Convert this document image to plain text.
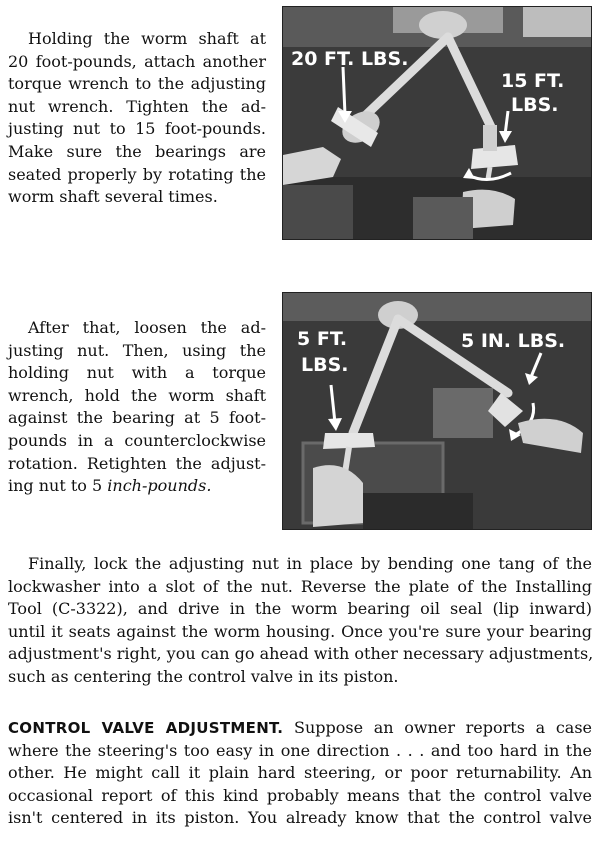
Holding the worm shaft at
20 foot-pounds, attach another
torque wrench to the adjusting
nut wrench. Tighten the ad-
justing nut to 15 foot-pounds.
Make sure the bearings are
seated properly by rotating the
worm shaft several times.
20 FT. LBS.
15 FT.
LBS.
After that, loosen the ad-
justing nut. Then, using the
holding nut with a torque
wrench, hold the worm shaft
against the bearing at 5 foot-
pounds in a counterclockwise
rotation. Retighten the adjust-
ing nut to 5 inch-pounds.
5 FT.
LBS.
5 IN. LBS.
Finally, lock the adjusting nut in place by bending one tang of the
lockwasher into a slot of the nut. Reverse the plate of the Installing
Tool (C-3322), and drive in the worm bearing oil seal (lip inward)
until it seats against the worm housing. Once you're sure your bearing
adjustment's right, you can go ahead with other necessary adjustments,
such as centering the control valve in its piston.
CONTROL VALVE ADJUSTMENT. Suppose an owner reports a case
where the steering's too easy in one direction . . . and too hard in the
other. He might call it plain hard steering, or poor returnability. An
occasional report of this kind probably means that the control valve
isn't centered in its piston. You already know that the control valve
